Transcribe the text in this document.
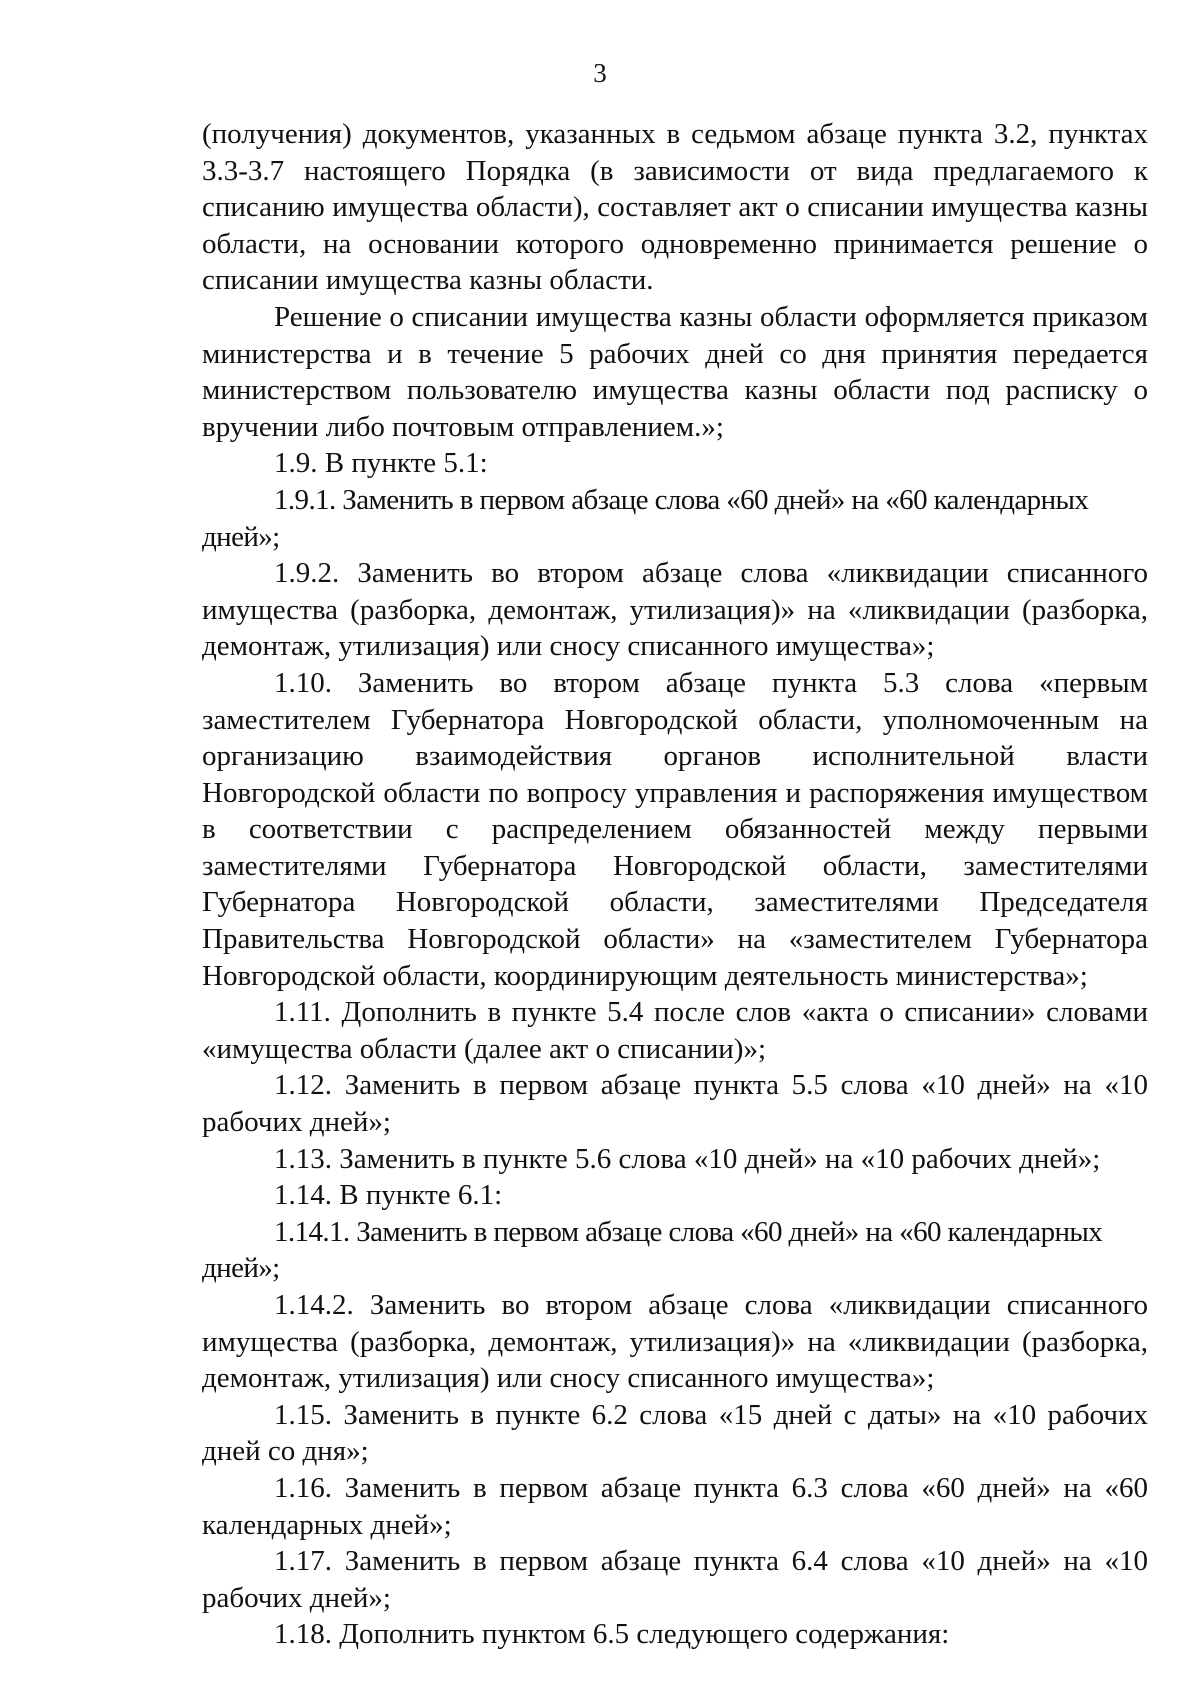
3

(получения) документов, указанных в седьмом абзаце пункта 3.2, пунктах 3.3-3.7 настоящего Порядка (в зависимости от вида предлагаемого к списанию имущества области), составляет акт о списании имущества казны области, на основании которого одновременно принимается решение о списании имущества казны области.

Решение о списании имущества казны области оформляется приказом министерства и в течение 5 рабочих дней со дня принятия передается министерством пользователю имущества казны области под расписку о вручении либо почтовым отправлением.»;

1.9. В пункте 5.1:

1.9.1. Заменить в первом абзаце слова «60 дней» на «60 календарных дней»;

1.9.2. Заменить во втором абзаце слова «ликвидации списанного имущества (разборка, демонтаж, утилизация)» на «ликвидации (разборка, демонтаж, утилизация) или сносу списанного имущества»;

1.10. Заменить во втором абзаце пункта 5.3 слова «первым заместителем Губернатора Новгородской области, уполномоченным на организацию взаимодействия органов исполнительной власти Новгородской области по вопросу управления и распоряжения имуществом в соответствии с распределением обязанностей между первыми заместителями Губернатора Новгородской области, заместителями Губернатора Новгородской области, заместителями Председателя Правительства Новгородской области» на «заместителем Губернатора Новгородской области, координирующим деятельность министерства»;

1.11. Дополнить в пункте 5.4 после слов «акта о списании» словами «имущества области (далее акт о списании)»;

1.12. Заменить в первом абзаце пункта 5.5 слова «10 дней» на «10 рабочих дней»;

1.13. Заменить в пункте 5.6 слова «10 дней» на «10 рабочих дней»;

1.14. В пункте 6.1:

1.14.1. Заменить в первом абзаце слова «60 дней» на «60 календарных дней»;

1.14.2. Заменить во втором абзаце слова «ликвидации списанного имущества (разборка, демонтаж, утилизация)» на «ликвидации (разборка, демонтаж, утилизация) или сносу списанного имущества»;

1.15. Заменить в пункте 6.2 слова «15 дней с даты» на «10 рабочих дней со дня»;

1.16. Заменить в первом абзаце пункта 6.3 слова «60 дней» на «60 календарных дней»;

1.17. Заменить в первом абзаце пункта 6.4 слова «10 дней» на «10 рабочих дней»;

1.18. Дополнить пунктом 6.5 следующего содержания:
